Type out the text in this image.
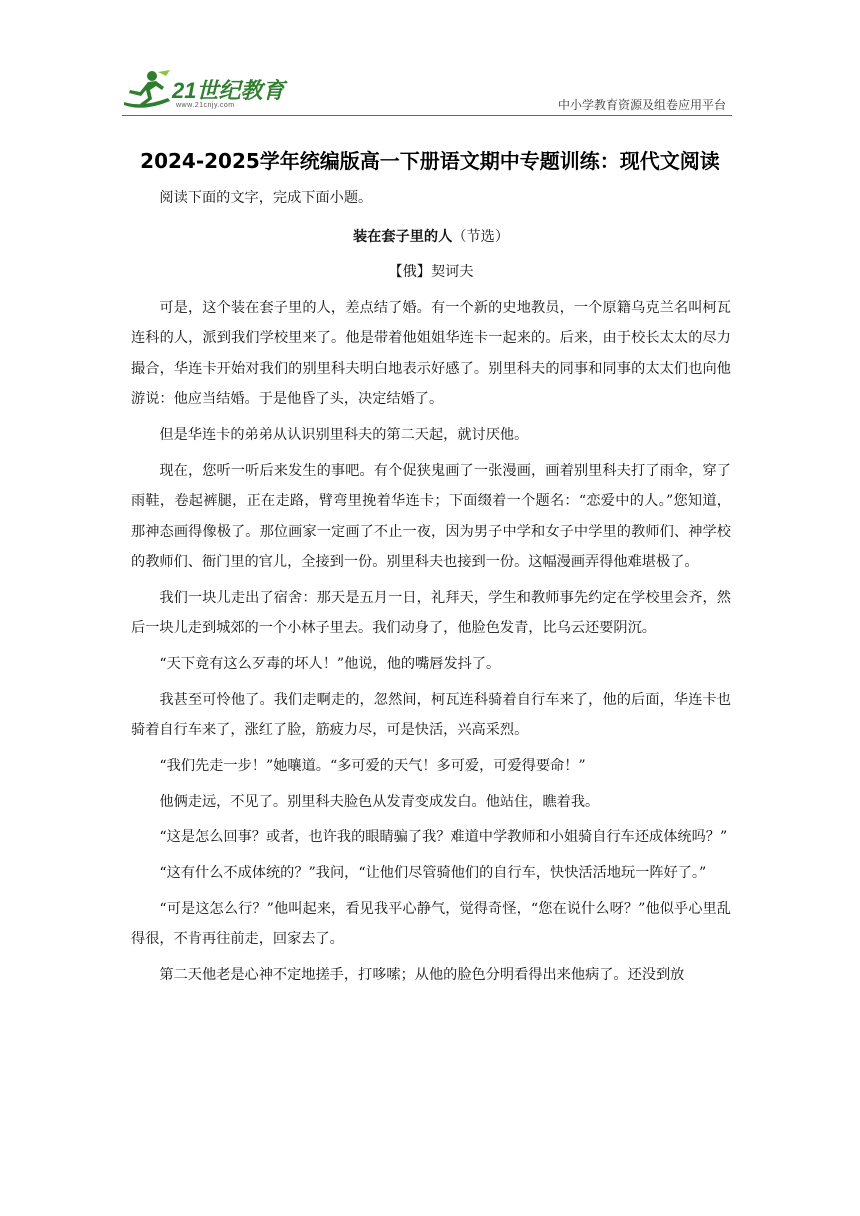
21世纪教育
www.21cnjy.com	中小学教育资源及组卷应用平台
2024-2025学年统编版高一下册语文期中专题训练：现代文阅读

阅读下面的文字，完成下面小题。

装在套子里的人（节选）

【俄】契诃夫

可是，这个装在套子里的人，差点结了婚。有一个新的史地教员，一个原籍乌克兰名叫柯瓦连科的人，派到我们学校里来了。他是带着他姐姐华连卡一起来的。后来，由于校长太太的尽力撮合，华连卡开始对我们的别里科夫明白地表示好感了。别里科夫的同事和同事的太太们也向他游说：他应当结婚。于是他昏了头，决定结婚了。

但是华连卡的弟弟从认识别里科夫的第二天起，就讨厌他。

现在，您听一听后来发生的事吧。有个促狭鬼画了一张漫画，画着别里科夫打了雨伞，穿了雨鞋，卷起裤腿，正在走路，臂弯里挽着华连卡；下面缀着一个题名：“恋爱中的人。”您知道，那神态画得像极了。那位画家一定画了不止一夜，因为男子中学和女子中学里的教师们、神学校的教师们、衙门里的官儿，全接到一份。别里科夫也接到一份。这幅漫画弄得他难堪极了。

我们一块儿走出了宿舍：那天是五月一日，礼拜天，学生和教师事先约定在学校里会齐，然后一块儿走到城郊的一个小林子里去。我们动身了，他脸色发青，比乌云还要阴沉。

“天下竟有这么歹毒的坏人！”他说，他的嘴唇发抖了。

我甚至可怜他了。我们走啊走的，忽然间，柯瓦连科骑着自行车来了，他的后面，华连卡也骑着自行车来了，涨红了脸，筋疲力尽，可是快活，兴高采烈。

“我们先走一步！”她嚷道。“多可爱的天气！多可爱，可爱得要命！”

他俩走远，不见了。别里科夫脸色从发青变成发白。他站住，瞧着我。

“这是怎么回事？或者，也许我的眼睛骗了我？难道中学教师和小姐骑自行车还成体统吗？”

“这有什么不成体统的？”我问，“让他们尽管骑他们的自行车，快快活活地玩一阵好了。”

“可是这怎么行？”他叫起来，看见我平心静气，觉得奇怪，“您在说什么呀？”他似乎心里乱得很，不肯再往前走，回家去了。

第二天他老是心神不定地搓手，打哆嗦；从他的脸色分明看得出来他病了。还没到放
